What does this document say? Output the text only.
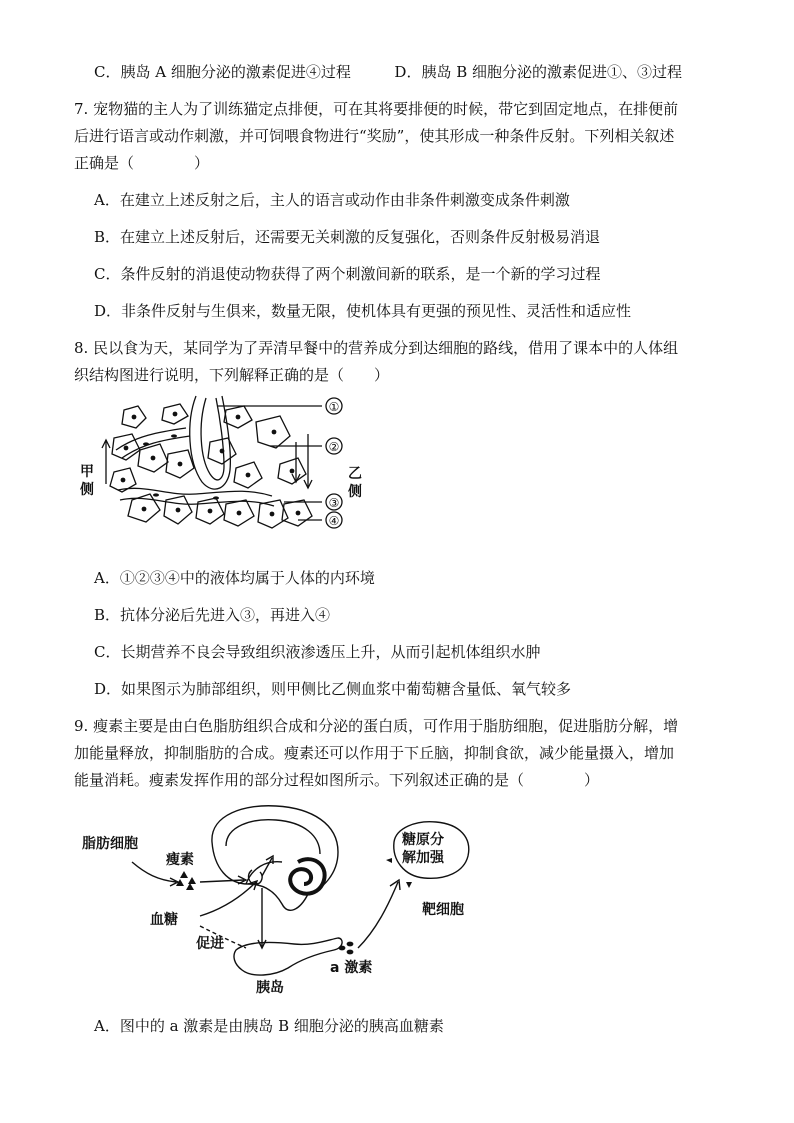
C．胰岛 A 细胞分泌的激素促进④过程	D．胰岛 B 细胞分泌的激素促进①、③过程
7. 宠物猫的主人为了训练猫定点排便，可在其将要排便的时候，带它到固定地点，在排便前
后进行语言或动作刺激，并可饲喂食物进行“奖励”，使其形成一种条件反射。下列相关叙述
正确是（　　　　）
A．在建立上述反射之后，主人的语言或动作由非条件刺激变成条件刺激
B．在建立上述反射后，还需要无关刺激的反复强化，否则条件反射极易消退
C．条件反射的消退使动物获得了两个刺激间新的联系，是一个新的学习过程
D．非条件反射与生俱来，数量无限，使机体具有更强的预见性、灵活性和适应性
8. 民以食为天，某同学为了弄清早餐中的营养成分到达细胞的路线，借用了课本中的人体组
织结构图进行说明，下列解释正确的是（　　）
①
②
③
④
甲
侧
乙
侧
A．①②③④中的液体均属于人体的内环境
B．抗体分泌后先进入③，再进入④
C．长期营养不良会导致组织液渗透压上升，从而引起机体组织水肿
D．如果图示为肺部组织，则甲侧比乙侧血浆中葡萄糖含量低、氧气较多
9. 瘦素主要是由白色脂肪组织合成和分泌的蛋白质，可作用于脂肪细胞，促进脂肪分解，增
加能量释放，抑制脂肪的合成。瘦素还可以作用于下丘脑，抑制食欲，减少能量摄入，增加
能量消耗。瘦素发挥作用的部分过程如图所示。下列叙述正确的是（　　　　）
脂肪细胞
瘦素
血糖
促进
胰岛
a 激素
糖原分
解加强
靶细胞
A．图中的 a 激素是由胰岛 B 细胞分泌的胰高血糖素
